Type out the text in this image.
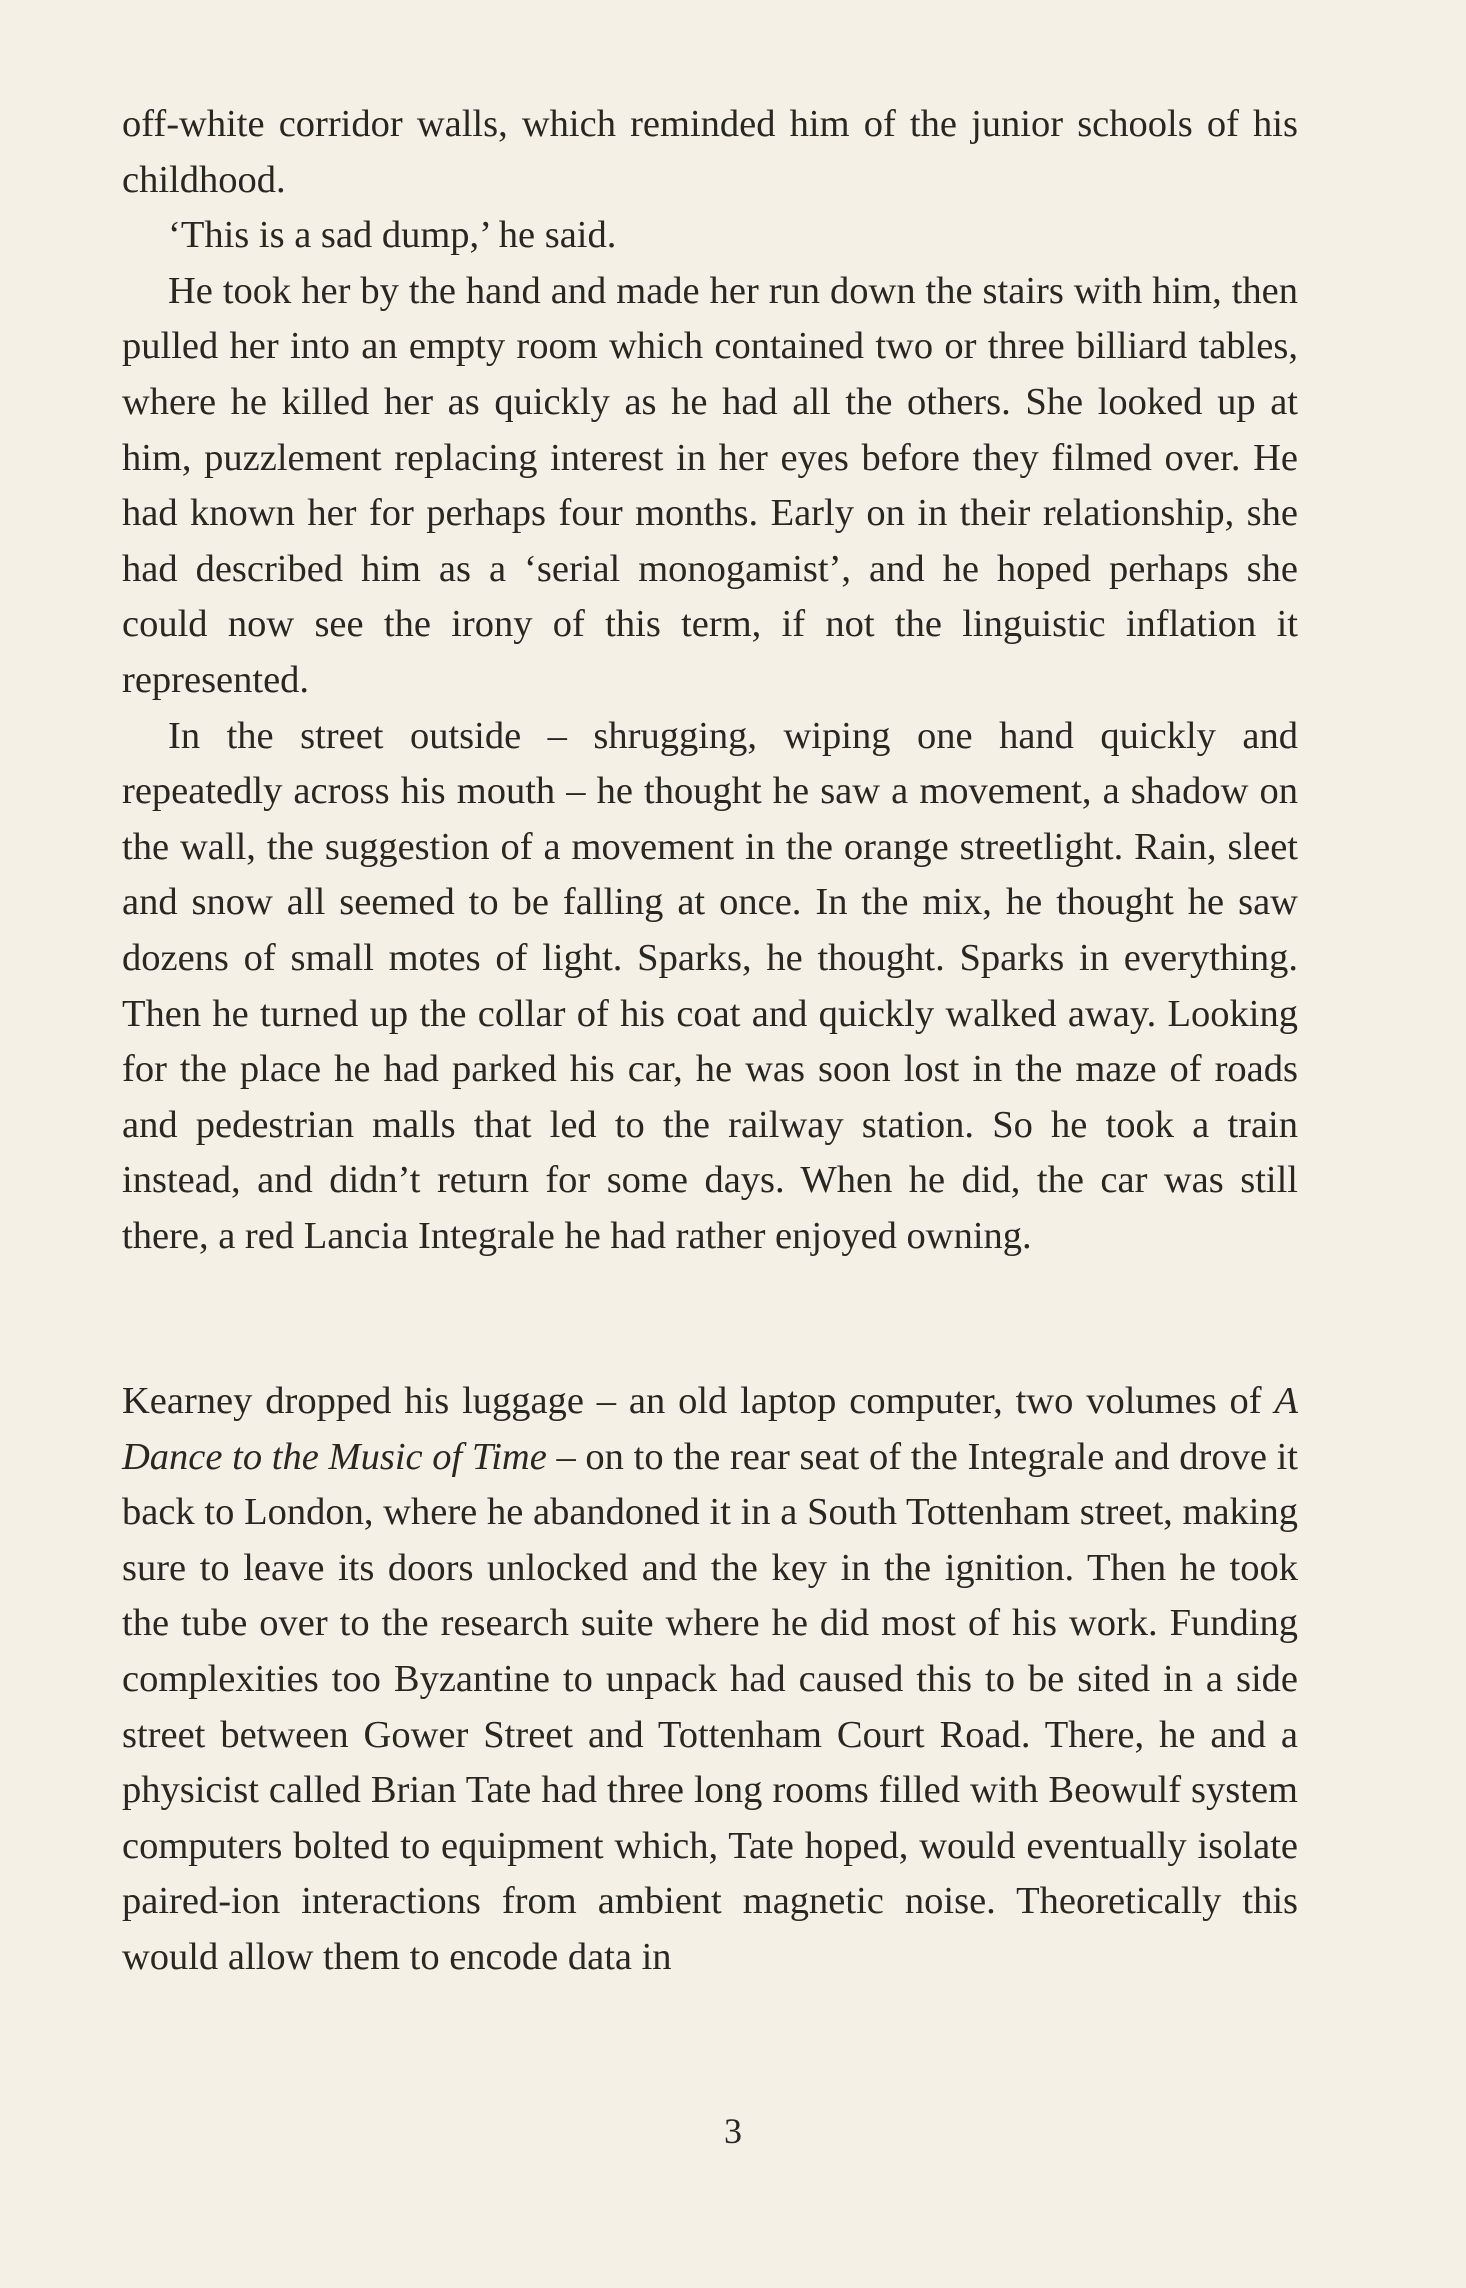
off-white corridor walls, which reminded him of the junior schools of his childhood.

‘This is a sad dump,’ he said.

He took her by the hand and made her run down the stairs with him, then pulled her into an empty room which contained two or three billiard tables, where he killed her as quickly as he had all the others. She looked up at him, puzzlement replacing interest in her eyes before they filmed over. He had known her for perhaps four months. Early on in their relationship, she had described him as a ‘serial monogamist’, and he hoped perhaps she could now see the irony of this term, if not the linguistic inflation it represented.

In the street outside – shrugging, wiping one hand quickly and repeatedly across his mouth – he thought he saw a movement, a shadow on the wall, the suggestion of a movement in the orange streetlight. Rain, sleet and snow all seemed to be falling at once. In the mix, he thought he saw dozens of small motes of light. Sparks, he thought. Sparks in everything. Then he turned up the collar of his coat and quickly walked away. Looking for the place he had parked his car, he was soon lost in the maze of roads and pedestrian malls that led to the railway station. So he took a train instead, and didn’t return for some days. When he did, the car was still there, a red Lancia Integrale he had rather enjoyed owning.

Kearney dropped his luggage – an old laptop computer, two volumes of A Dance to the Music of Time – on to the rear seat of the Integrale and drove it back to London, where he abandoned it in a South Tottenham street, making sure to leave its doors unlocked and the key in the ignition. Then he took the tube over to the research suite where he did most of his work. Funding complexities too Byzantine to unpack had caused this to be sited in a side street between Gower Street and Tottenham Court Road. There, he and a physicist called Brian Tate had three long rooms filled with Beowulf system computers bolted to equipment which, Tate hoped, would eventually isolate paired-ion interactions from ambient magnetic noise. Theoretically this would allow them to encode data in

3
